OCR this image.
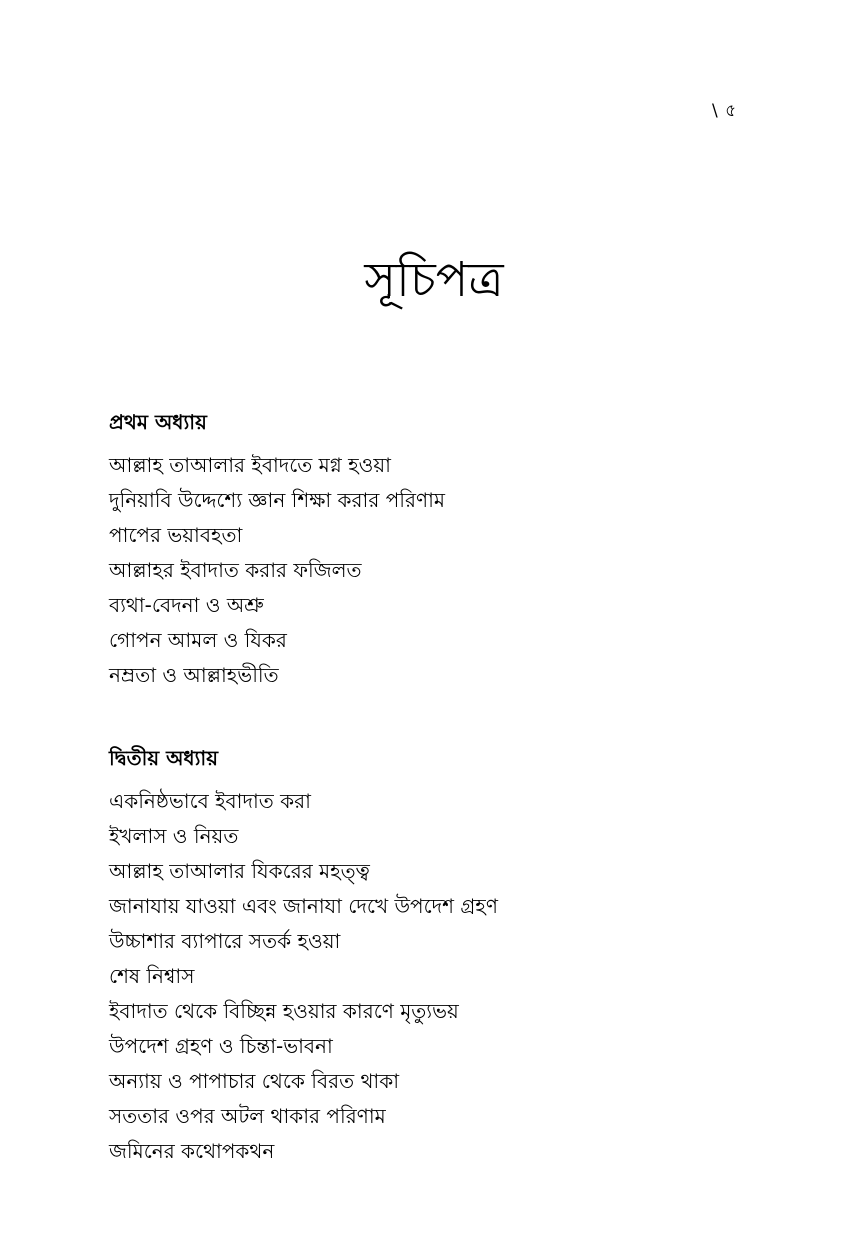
\ ৫
সূচিপত্র
প্রথম অধ্যায়
আল্লাহ তাআলার ইবাদতে মগ্ন হওয়া
দুনিয়াবি উদ্দেশ্যে জ্ঞান শিক্ষা করার পরিণাম
পাপের ভয়াবহতা
আল্লাহর ইবাদাত করার ফজিলত
ব্যথা-বেদনা ও অশ্রু
গোপন আমল ও যিকর
নম্রতা ও আল্লাহভীতি
দ্বিতীয় অধ্যায়
একনিষ্ঠভাবে ইবাদাত করা
ইখলাস ও নিয়ত
আল্লাহ তাআলার যিকরের মহত্ত্ব
জানাযায় যাওয়া এবং জানাযা দেখে উপদেশ গ্রহণ
উচ্চাশার ব্যাপারে সতর্ক হওয়া
শেষ নিশ্বাস
ইবাদাত থেকে বিচ্ছিন্ন হওয়ার কারণে মৃত্যুভয়
উপদেশ গ্রহণ ও চিন্তা-ভাবনা
অন্যায় ও পাপাচার থেকে বিরত থাকা
সততার ওপর অটল থাকার পরিণাম
জমিনের কথোপকথন
